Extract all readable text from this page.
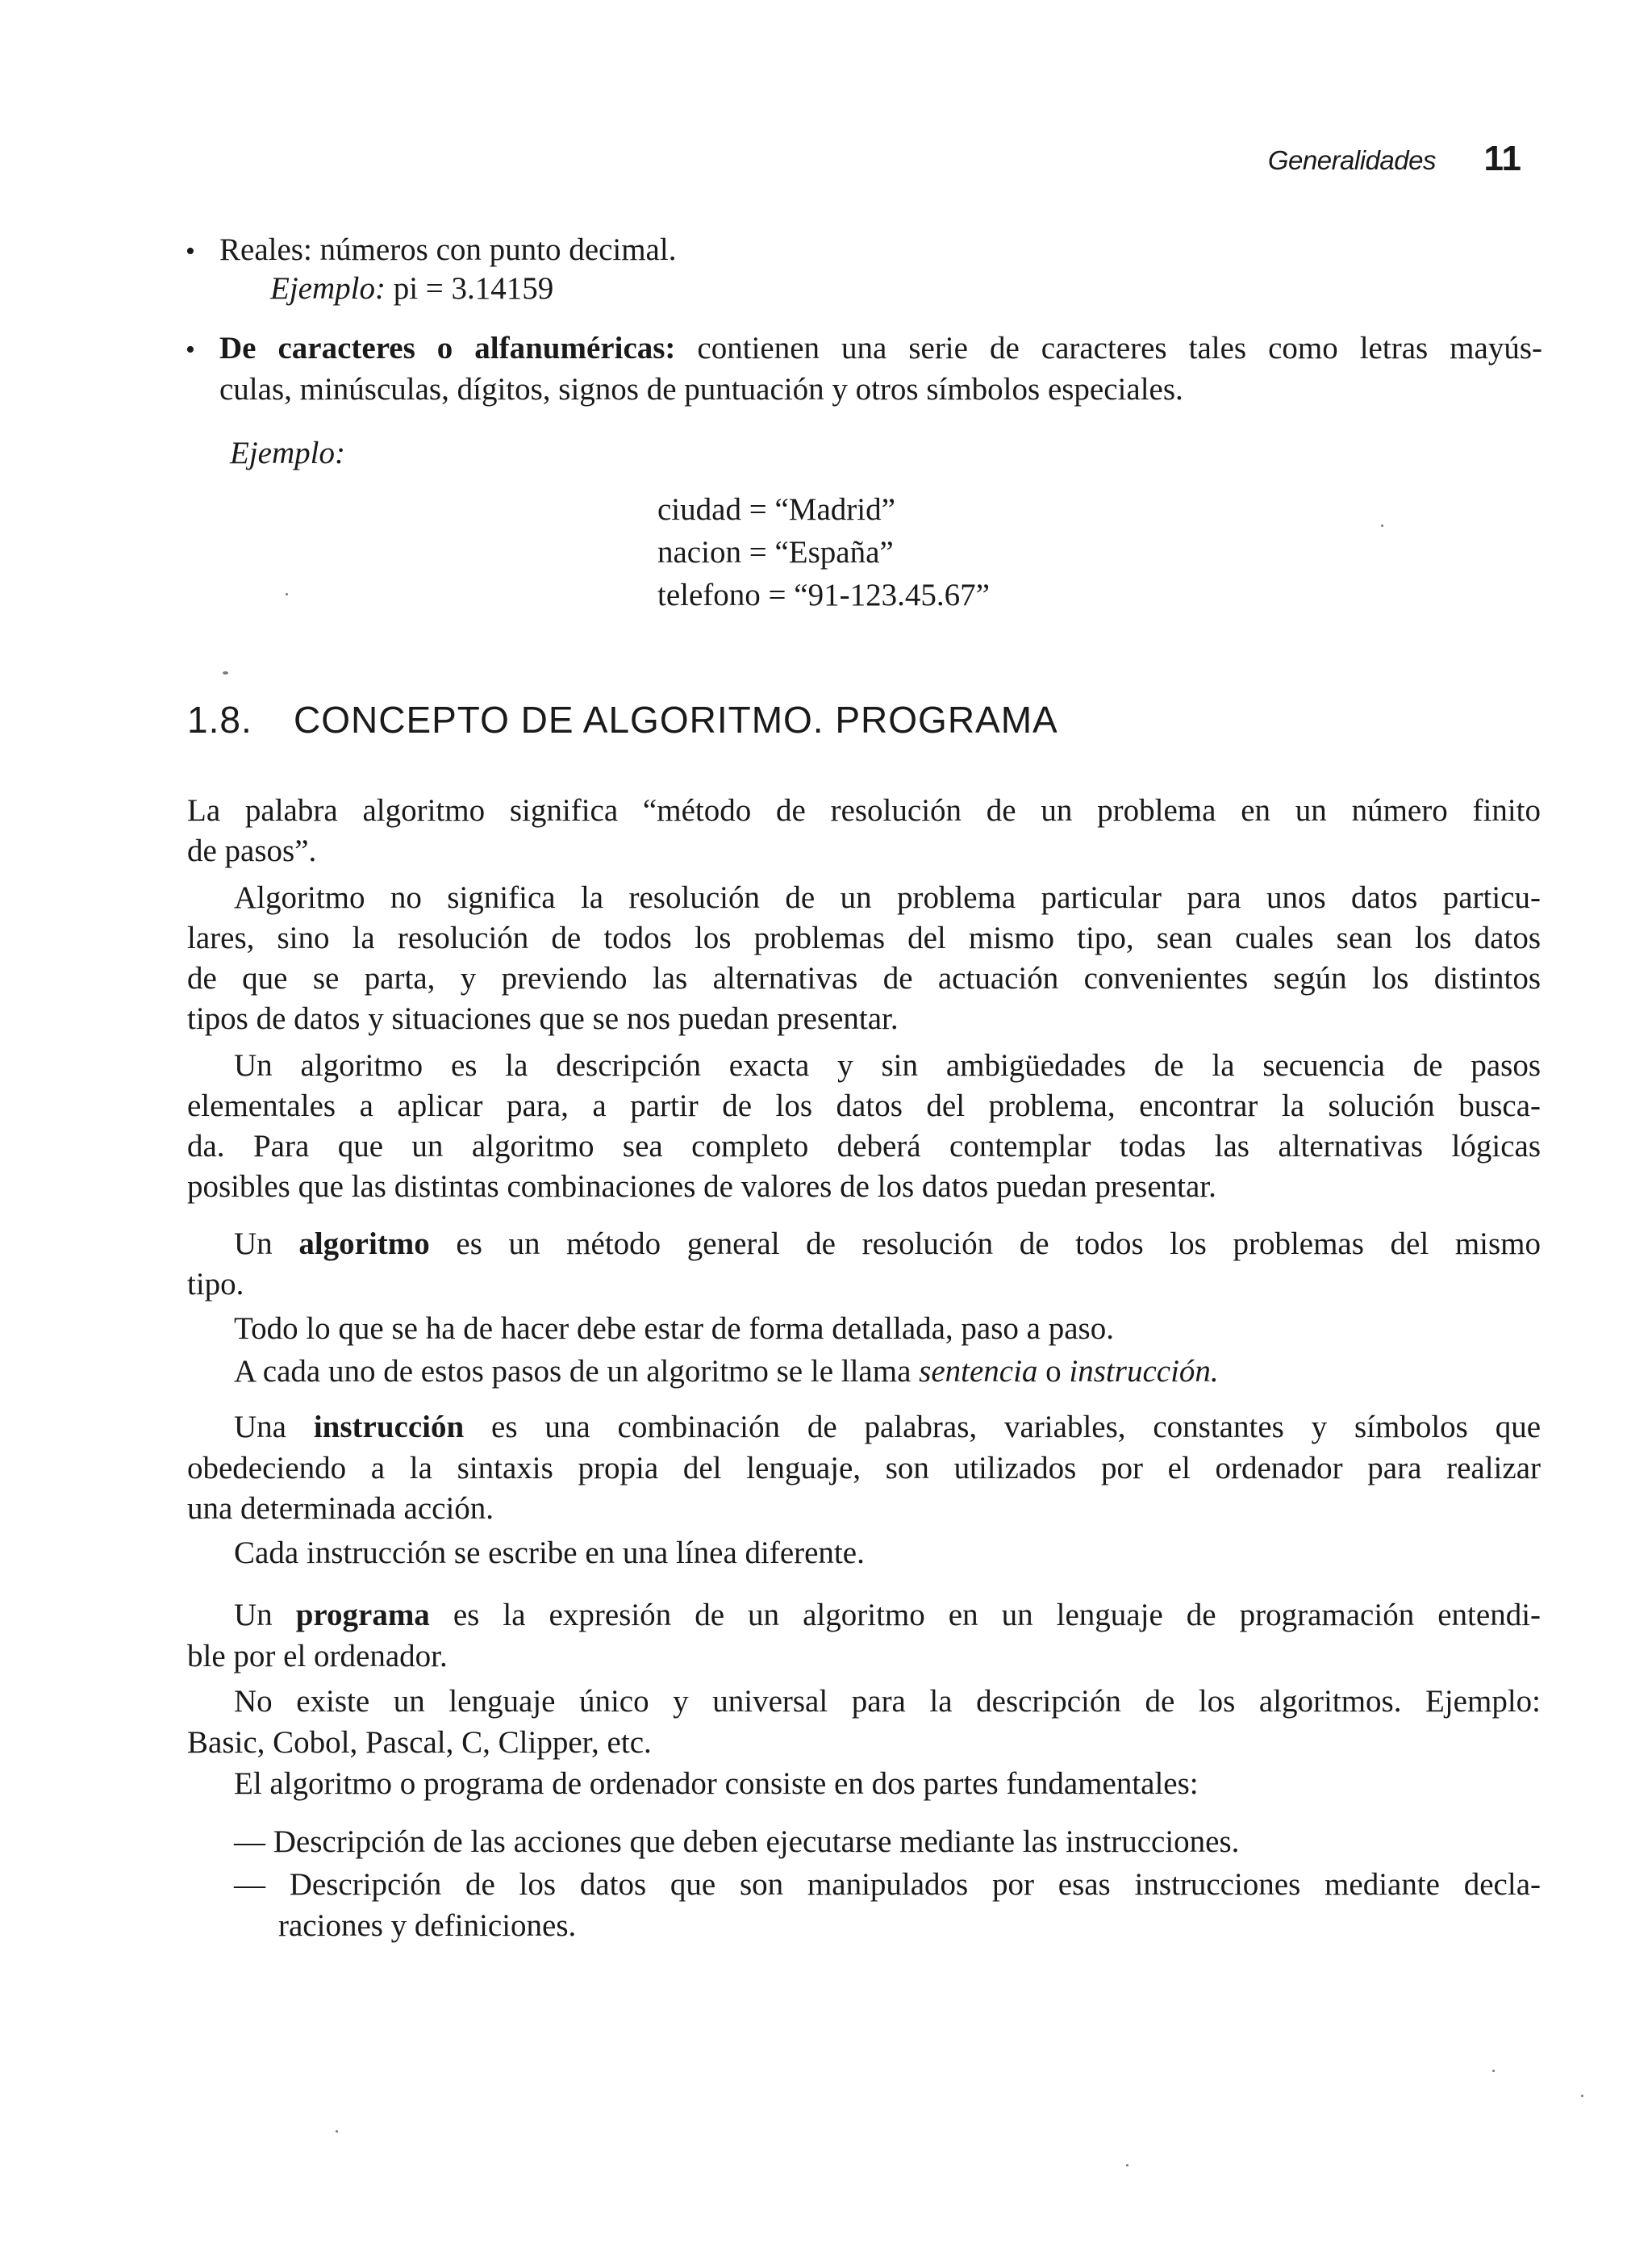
Generalidades 11
• Reales: números con punto decimal.
Ejemplo: pi = 3.14159
• De caracteres o alfanuméricas: contienen una serie de caracteres tales como letras mayús-
culas, minúsculas, dígitos, signos de puntuación y otros símbolos especiales.
Ejemplo:
ciudad = “Madrid”
nacion = “España”
telefono = “91-123.45.67”
1.8. CONCEPTO DE ALGORITMO. PROGRAMA
La palabra algoritmo significa “método de resolución de un problema en un número finito
de pasos”.
Algoritmo no significa la resolución de un problema particular para unos datos particu-
lares, sino la resolución de todos los problemas del mismo tipo, sean cuales sean los datos
de que se parta, y previendo las alternativas de actuación convenientes según los distintos
tipos de datos y situaciones que se nos puedan presentar.
Un algoritmo es la descripción exacta y sin ambigüedades de la secuencia de pasos
elementales a aplicar para, a partir de los datos del problema, encontrar la solución busca-
da. Para que un algoritmo sea completo deberá contemplar todas las alternativas lógicas
posibles que las distintas combinaciones de valores de los datos puedan presentar.
Un algoritmo es un método general de resolución de todos los problemas del mismo
tipo.
Todo lo que se ha de hacer debe estar de forma detallada, paso a paso.
A cada uno de estos pasos de un algoritmo se le llama sentencia o instrucción.
Una instrucción es una combinación de palabras, variables, constantes y símbolos que
obedeciendo a la sintaxis propia del lenguaje, son utilizados por el ordenador para realizar
una determinada acción.
Cada instrucción se escribe en una línea diferente.
Un programa es la expresión de un algoritmo en un lenguaje de programación entendi-
ble por el ordenador.
No existe un lenguaje único y universal para la descripción de los algoritmos. Ejemplo:
Basic, Cobol, Pascal, C, Clipper, etc.
El algoritmo o programa de ordenador consiste en dos partes fundamentales:
— Descripción de las acciones que deben ejecutarse mediante las instrucciones.
— Descripción de los datos que son manipulados por esas instrucciones mediante decla-
raciones y definiciones.
